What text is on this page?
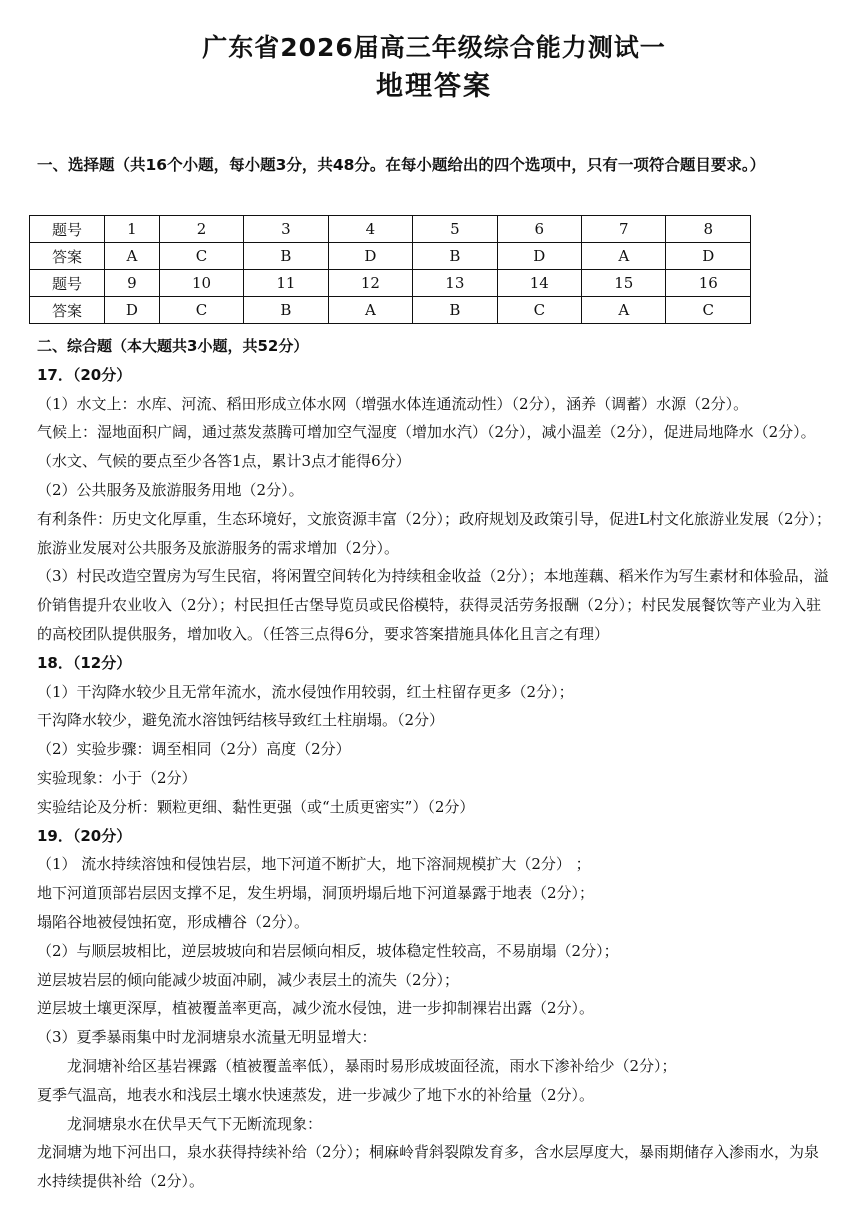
广东省2026届高三年级综合能力测试一
地理答案
一、选择题（共16个小题，每小题3分，共48分。在每小题给出的四个选项中，只有一项符合题目要求。）
题号	1	2	3	4	5	6	7	8
答案	A	C	B	D	B	D	A	D
题号	9	10	11	12	13	14	15	16
答案	D	C	B	A	B	C	A	C

二、综合题（本大题共3小题，共52分）

17．（20分）

（1）水文上：水库、河流、稻田形成立体水网（增强水体连通流动性）（2分），涵养（调蓄）水源（2分）。

气候上：湿地面积广阔，通过蒸发蒸腾可增加空气湿度（增加水汽）（2分），减小温差（2分），促进局地降水（2分）。（水文、气候的要点至少各答1点，累计3点才能得6分）

（2）公共服务及旅游服务用地（2分）。

有利条件：历史文化厚重，生态环境好，文旅资源丰富（2分）；政府规划及政策引导，促进L村文化旅游业发展（2分）；旅游业发展对公共服务及旅游服务的需求增加（2分）。

（3）村民改造空置房为写生民宿，将闲置空间转化为持续租金收益（2分）；本地莲藕、稻米作为写生素材和体验品，溢价销售提升农业收入（2分）；村民担任古堡导览员或民俗模特，获得灵活劳务报酬（2分）；村民发展餐饮等产业为入驻的高校团队提供服务，增加收入。（任答三点得6分，要求答案措施具体化且言之有理）

18．（12分）

（1）干沟降水较少且无常年流水，流水侵蚀作用较弱，红土柱留存更多（2分）；

干沟降水较少，避免流水溶蚀钙结核导致红土柱崩塌。（2分）

（2）实验步骤：调至相同（2分）高度（2分）

实验现象：小于（2分）

实验结论及分析：颗粒更细、黏性更强（或“土质更密实”）（2分）

19．（20分）

（1） 流水持续溶蚀和侵蚀岩层，地下河道不断扩大，地下溶洞规模扩大（2分） ；

地下河道顶部岩层因支撑不足，发生坍塌，洞顶坍塌后地下河道暴露于地表（2分）；

塌陷谷地被侵蚀拓宽，形成槽谷（2分）。

（2）与顺层坡相比，逆层坡坡向和岩层倾向相反，坡体稳定性较高，不易崩塌（2分）；

逆层坡岩层的倾向能减少坡面冲刷，减少表层土的流失（2分）；

逆层坡土壤更深厚，植被覆盖率更高，减少流水侵蚀，进一步抑制裸岩出露（2分）。

（3）夏季暴雨集中时龙洞塘泉水流量无明显增大：

龙洞塘补给区基岩裸露（植被覆盖率低），暴雨时易形成坡面径流，雨水下渗补给少（2分）；

夏季气温高，地表水和浅层土壤水快速蒸发，进一步减少了地下水的补给量（2分）。

龙洞塘泉水在伏旱天气下无断流现象：

龙洞塘为地下河出口，泉水获得持续补给（2分）；桐麻岭背斜裂隙发育多，含水层厚度大，暴雨期储存入渗雨水，为泉水持续提供补给（2分）。
